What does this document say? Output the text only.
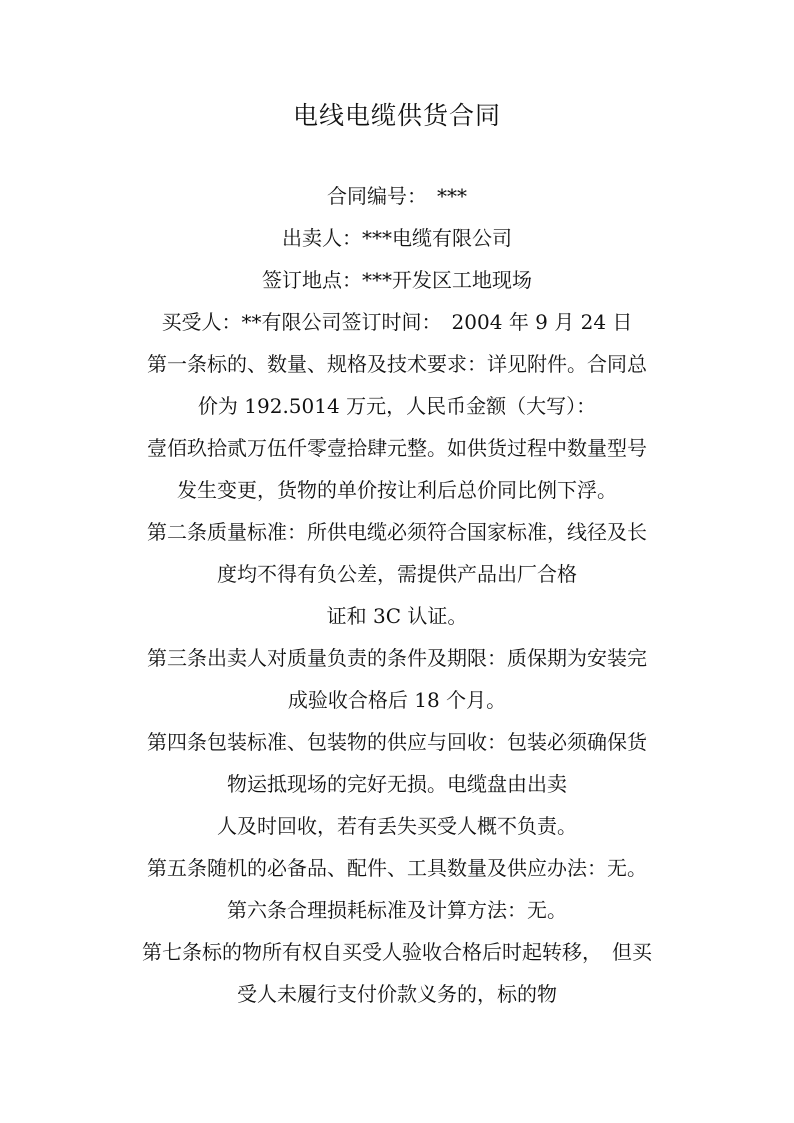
电线电缆供货合同
合同编号：　***
出卖人：***电缆有限公司
签订地点：***开发区工地现场
买受人：**有限公司签订时间：　2004 年 9 月 24 日
第一条标的、数量、规格及技术要求：详见附件。合同总
价为 192.5014 万元，人民币金额（大写）：
壹佰玖拾贰万伍仟零壹拾肆元整。如供货过程中数量型号
发生变更，货物的单价按让利后总价同比例下浮。
第二条质量标准：所供电缆必须符合国家标准，线径及长
度均不得有负公差，需提供产品出厂合格
证和 3C 认证。
第三条出卖人对质量负责的条件及期限：质保期为安装完
成验收合格后 18 个月。
第四条包装标准、包装物的供应与回收：包装必须确保货
物运抵现场的完好无损。电缆盘由出卖
人及时回收，若有丢失买受人概不负责。
第五条随机的必备品、配件、工具数量及供应办法：无。
第六条合理损耗标准及计算方法：无。
第七条标的物所有权自买受人验收合格后时起转移，　但买
受人未履行支付价款义务的，标的物
